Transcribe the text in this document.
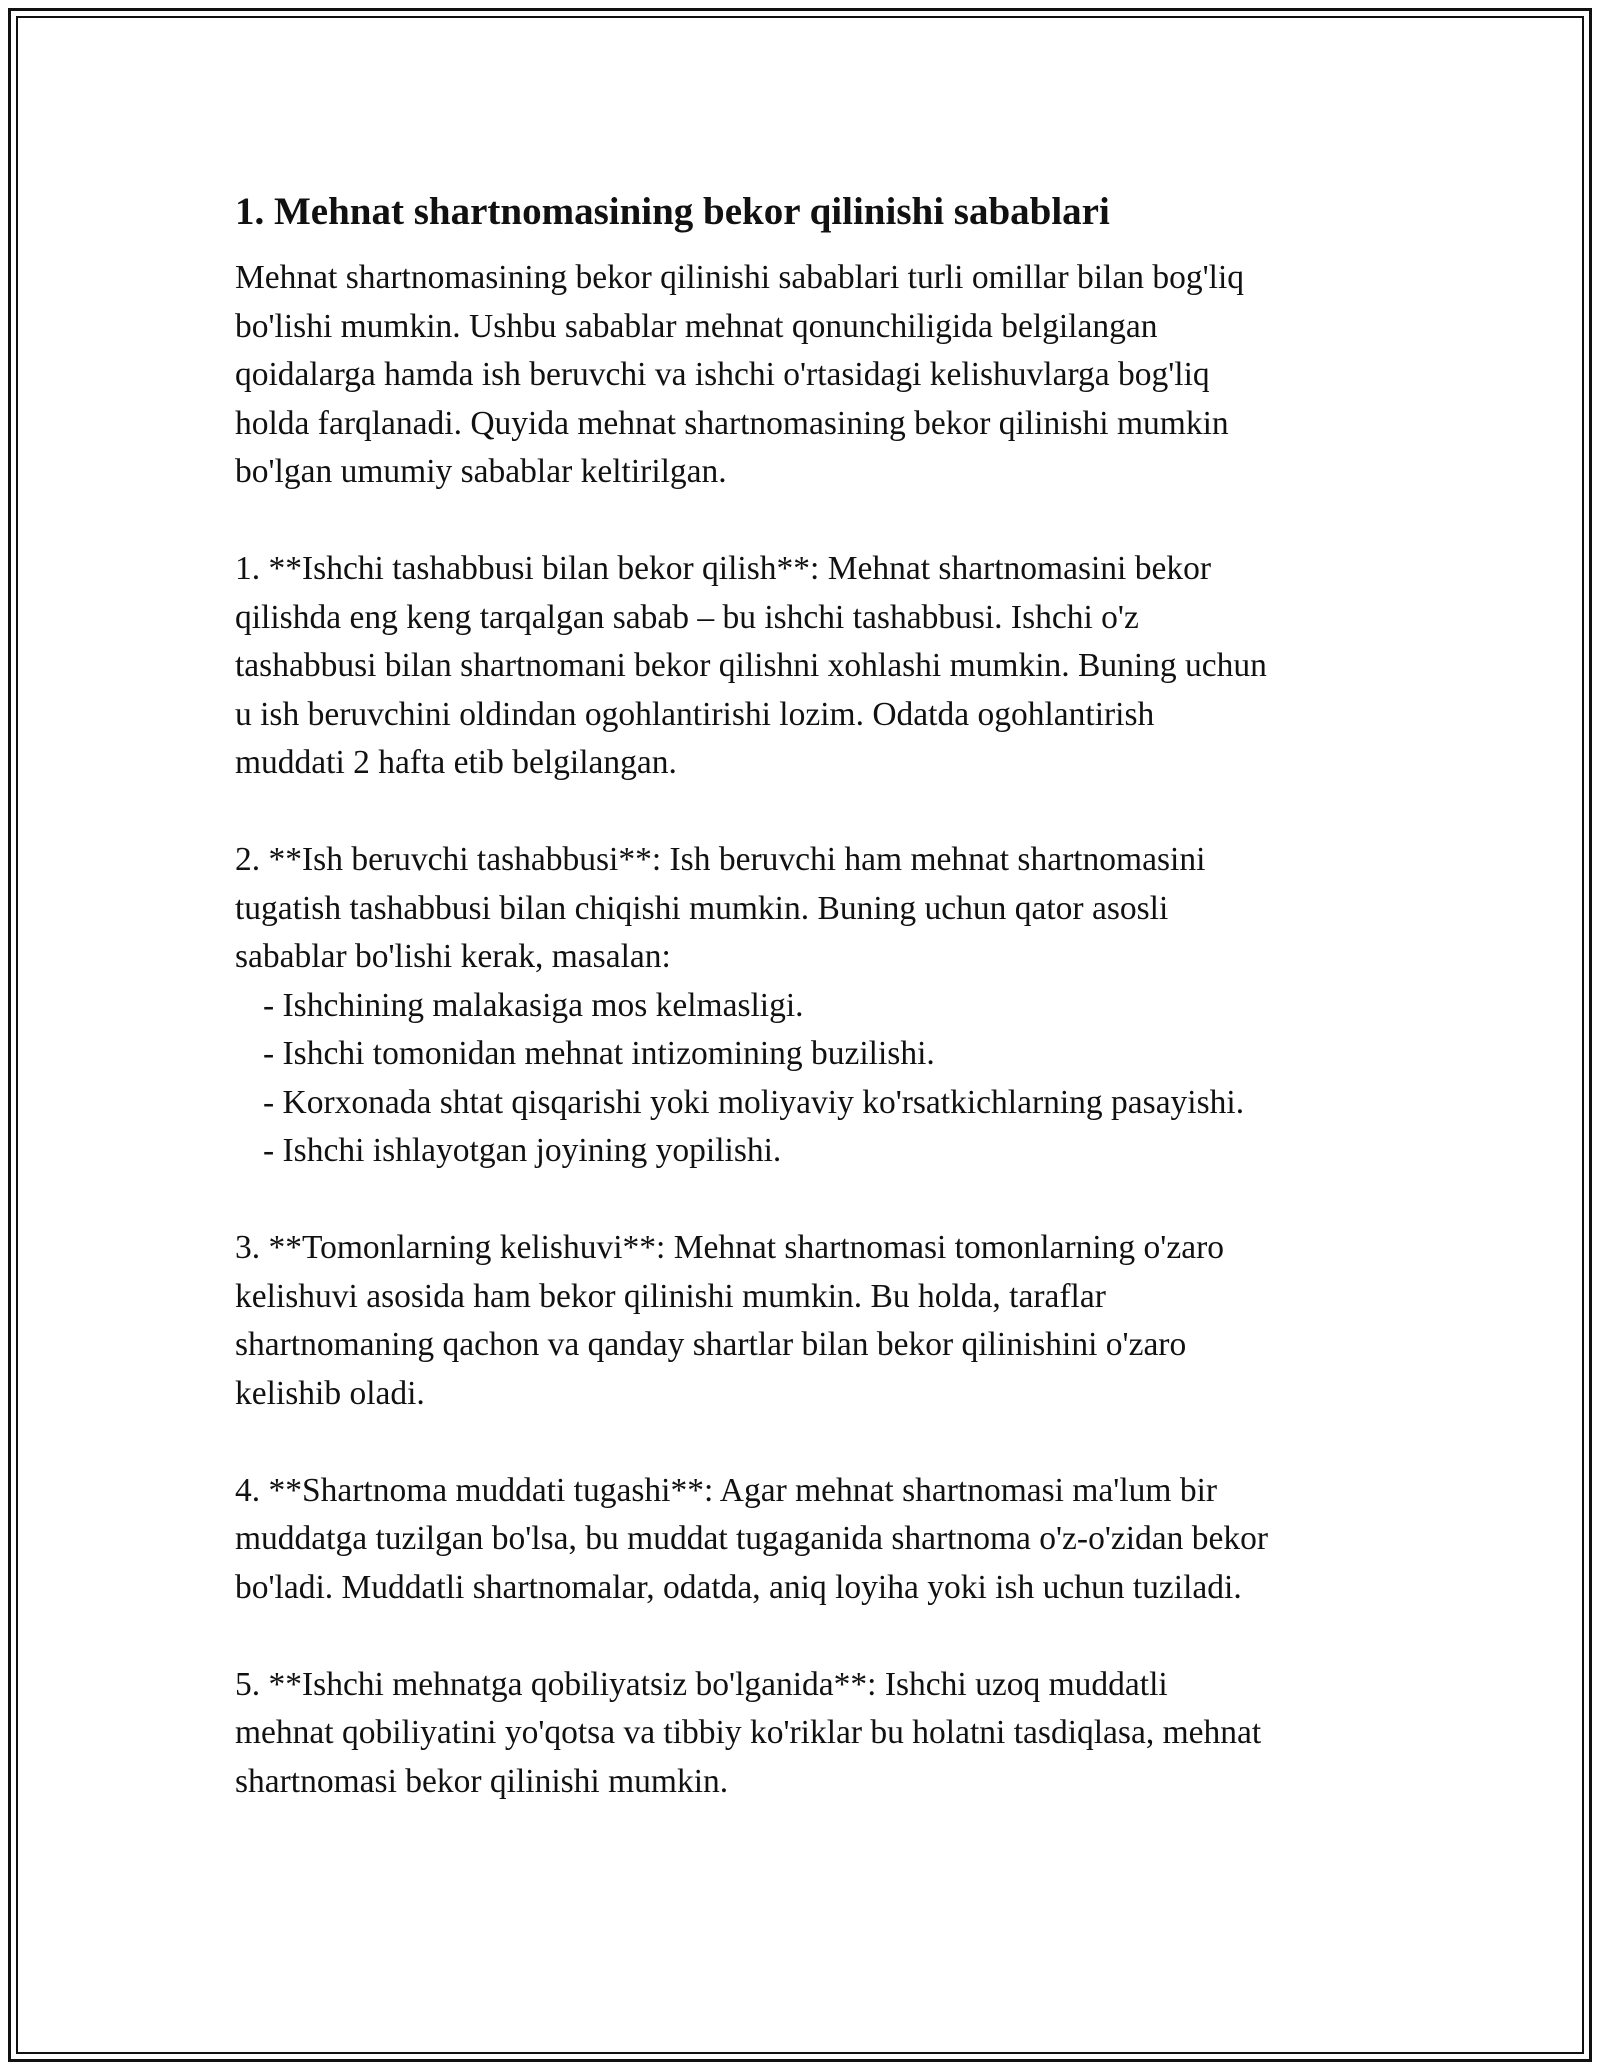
1. Mehnat shartnomasining bekor qilinishi sabablari

Mehnat shartnomasining bekor qilinishi sabablari turli omillar bilan bog'liq
bo'lishi mumkin. Ushbu sabablar mehnat qonunchiligida belgilangan
qoidalarga hamda ish beruvchi va ishchi o'rtasidagi kelishuvlarga bog'liq
holda farqlanadi. Quyida mehnat shartnomasining bekor qilinishi mumkin
bo'lgan umumiy sabablar keltirilgan.

1. **Ishchi tashabbusi bilan bekor qilish**: Mehnat shartnomasini bekor
qilishda eng keng tarqalgan sabab – bu ishchi tashabbusi. Ishchi o'z
tashabbusi bilan shartnomani bekor qilishni xohlashi mumkin. Buning uchun
u ish beruvchini oldindan ogohlantirishi lozim. Odatda ogohlantirish
muddati 2 hafta etib belgilangan.

2. **Ish beruvchi tashabbusi**: Ish beruvchi ham mehnat shartnomasini
tugatish tashabbusi bilan chiqishi mumkin. Buning uchun qator asosli
sabablar bo'lishi kerak, masalan:
- Ishchining malakasiga mos kelmasligi.
- Ishchi tomonidan mehnat intizomining buzilishi.
- Korxonada shtat qisqarishi yoki moliyaviy ko'rsatkichlarning pasayishi.
- Ishchi ishlayotgan joyining yopilishi.

3. **Tomonlarning kelishuvi**: Mehnat shartnomasi tomonlarning o'zaro
kelishuvi asosida ham bekor qilinishi mumkin. Bu holda, taraflar
shartnomaning qachon va qanday shartlar bilan bekor qilinishini o'zaro
kelishib oladi.

4. **Shartnoma muddati tugashi**: Agar mehnat shartnomasi ma'lum bir
muddatga tuzilgan bo'lsa, bu muddat tugaganida shartnoma o'z-o'zidan bekor
bo'ladi. Muddatli shartnomalar, odatda, aniq loyiha yoki ish uchun tuziladi.

5. **Ishchi mehnatga qobiliyatsiz bo'lganida**: Ishchi uzoq muddatli
mehnat qobiliyatini yo'qotsa va tibbiy ko'riklar bu holatni tasdiqlasa, mehnat
shartnomasi bekor qilinishi mumkin.
